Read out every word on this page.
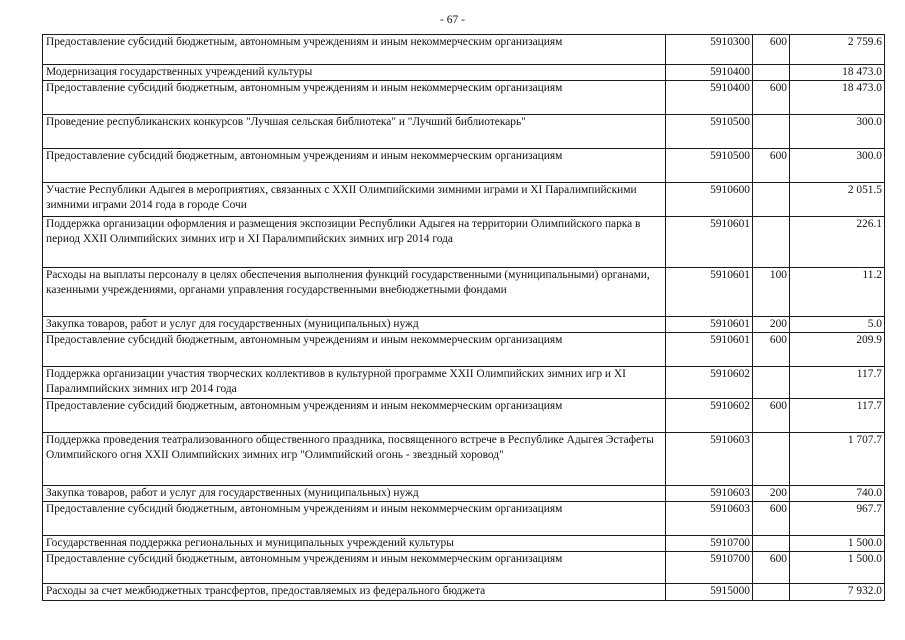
- 67 -
Предоставление субсидий бюджетным, автономным учреждениям и иным некоммерческим организациям	5910300	600	2 759.6
Модернизация государственных учреждений культуры	5910400		18 473.0
Предоставление субсидий бюджетным, автономным учреждениям и иным некоммерческим организациям	5910400	600	18 473.0
Проведение республиканских конкурсов "Лучшая сельская библиотека" и "Лучший библиотекарь"	5910500		300.0
Предоставление субсидий бюджетным, автономным учреждениям и иным некоммерческим организациям	5910500	600	300.0
Участие Республики Адыгея в мероприятиях, связанных с XXII Олимпийскими зимними играми и XI Паралимпийскими зимними играми 2014 года в городе Сочи	5910600		2 051.5
Поддержка организации оформления и размещения экспозиции Республики Адыгея на территории Олимпийского парка в период XXII Олимпийских зимних игр и XI Паралимпийских зимних игр 2014 года	5910601		226.1
Расходы на выплаты персоналу в целях обеспечения выполнения функций государственными (муниципальными) органами, казенными учреждениями, органами управления государственными внебюджетными фондами	5910601	100	11.2
Закупка товаров, работ и услуг для государственных (муниципальных) нужд	5910601	200	5.0
Предоставление субсидий бюджетным, автономным учреждениям и иным некоммерческим организациям	5910601	600	209.9
Поддержка организации участия творческих коллективов в культурной программе XXII Олимпийских зимних игр и XI Паралимпийских зимних игр 2014 года	5910602		117.7
Предоставление субсидий бюджетным, автономным учреждениям и иным некоммерческим организациям	5910602	600	117.7
Поддержка проведения театрализованного общественного праздника, посвященного встрече в Республике Адыгея Эстафеты Олимпийского огня XXII Олимпийских зимних игр "Олимпийский огонь - звездный хоровод"	5910603		1 707.7
Закупка товаров, работ и услуг для государственных (муниципальных) нужд	5910603	200	740.0
Предоставление субсидий бюджетным, автономным учреждениям и иным некоммерческим организациям	5910603	600	967.7
Государственная поддержка региональных и муниципальных учреждений культуры	5910700		1 500.0
Предоставление субсидий бюджетным, автономным учреждениям и иным некоммерческим организациям	5910700	600	1 500.0
Расходы за счет межбюджетных трансфертов, предоставляемых из федерального бюджета	5915000		7 932.0
